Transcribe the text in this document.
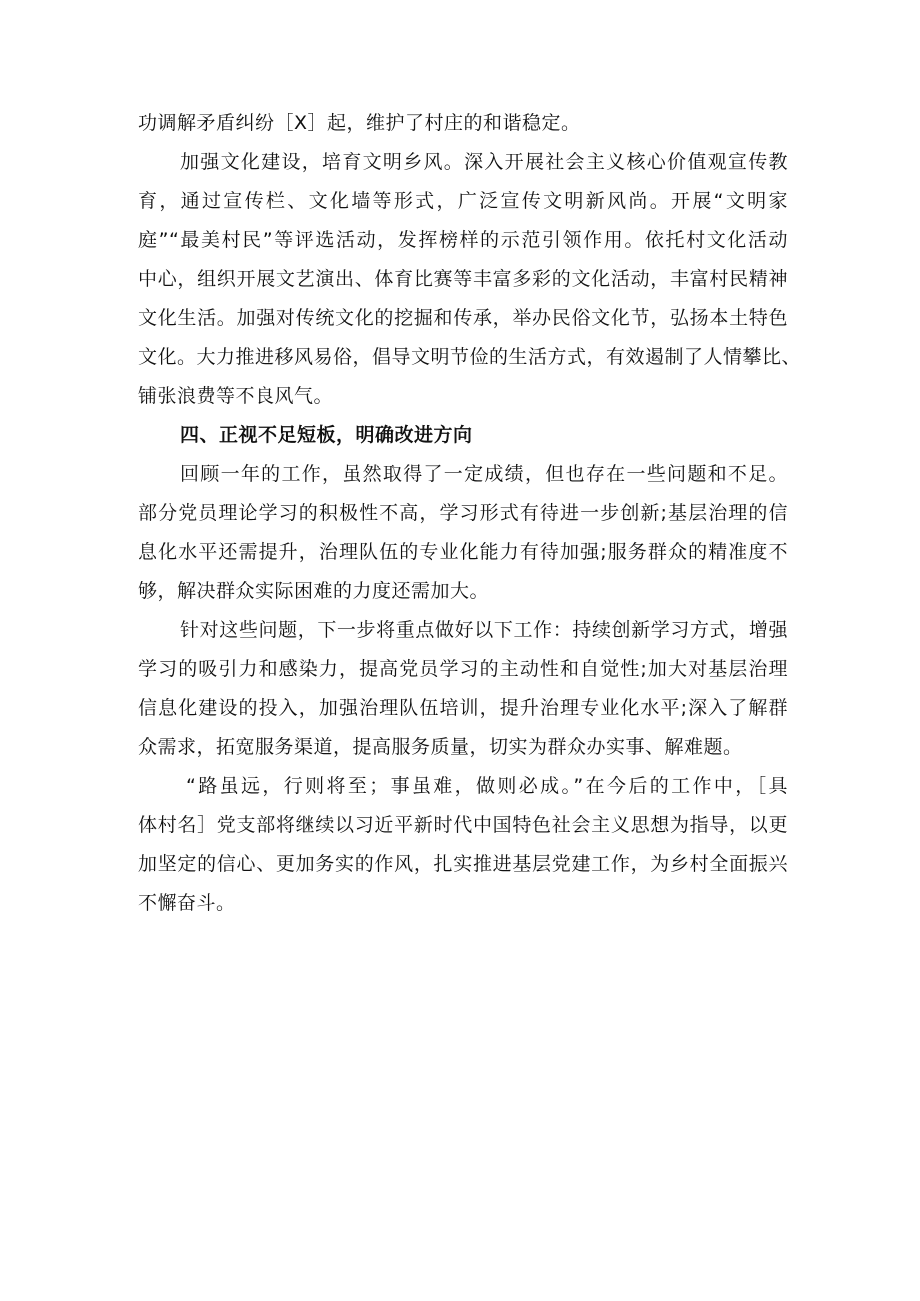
功调解矛盾纠纷［X］起，维护了村庄的和谐稳定。
加强文化建设，培育文明乡风。深入开展社会主义核心价值观宣传教
育，通过宣传栏、文化墙等形式，广泛宣传文明新风尚。开展“文明家
庭”“最美村民”等评选活动，发挥榜样的示范引领作用。依托村文化活动
中心，组织开展文艺演出、体育比赛等丰富多彩的文化活动，丰富村民精神
文化生活。加强对传统文化的挖掘和传承，举办民俗文化节，弘扬本土特色
文化。大力推进移风易俗，倡导文明节俭的生活方式，有效遏制了人情攀比、
铺张浪费等不良风气。
四、正视不足短板，明确改进方向
回顾一年的工作，虽然取得了一定成绩，但也存在一些问题和不足。
部分党员理论学习的积极性不高，学习形式有待进一步创新;基层治理的信
息化水平还需提升，治理队伍的专业化能力有待加强;服务群众的精准度不
够，解决群众实际困难的力度还需加大。
针对这些问题，下一步将重点做好以下工作：持续创新学习方式，增强
学习的吸引力和感染力，提高党员学习的主动性和自觉性;加大对基层治理
信息化建设的投入，加强治理队伍培训，提升治理专业化水平;深入了解群
众需求，拓宽服务渠道，提高服务质量，切实为群众办实事、解难题。
“路虽远，行则将至；事虽难，做则必成。”在今后的工作中，［具
体村名］党支部将继续以习近平新时代中国特色社会主义思想为指导，以更
加坚定的信心、更加务实的作风，扎实推进基层党建工作，为乡村全面振兴
不懈奋斗。
